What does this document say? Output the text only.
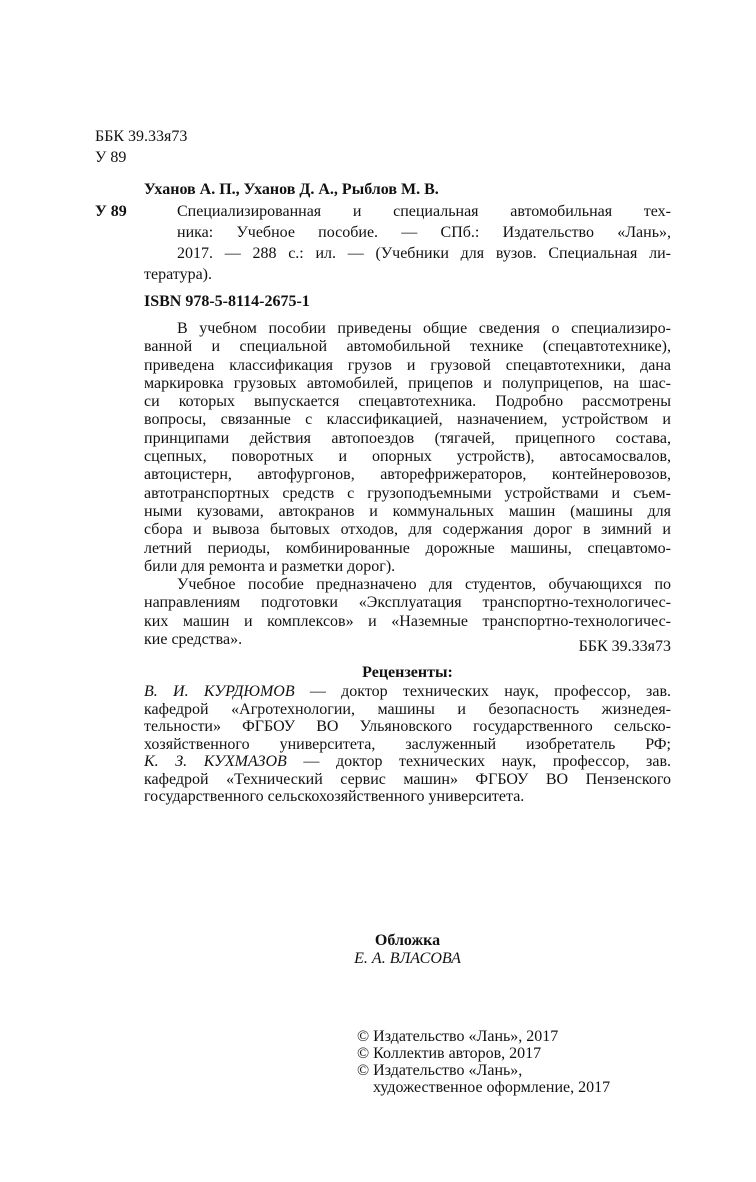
ББК 39.33я73
У 89
Уханов А. П., Уханов Д. А., Рыблов М. В.
У 89	Специализированная и специальная автомобильная тех-
ника: Учебное пособие. — СПб.: Издательство «Лань»,
2017. — 288 с.: ил. — (Учебники для вузов. Специальная ли-
тература).
ISBN 978-5-8114-2675-1
В учебном пособии приведены общие сведения о специализиро-
ванной и специальной автомобильной технике (спецавтотехнике),
приведена классификация грузов и грузовой спецавтотехники, дана
маркировка грузовых автомобилей, прицепов и полуприцепов, на шас-
си которых выпускается спецавтотехника. Подробно рассмотрены
вопросы, связанные с классификацией, назначением, устройством и
принципами действия автопоездов (тягачей, прицепного состава,
сцепных, поворотных и опорных устройств), автосамосвалов,
автоцистерн, автофургонов, авторефрижераторов, контейнеровозов,
автотранспортных средств с грузоподъемными устройствами и съем-
ными кузовами, автокранов и коммунальных машин (машины для
сбора и вывоза бытовых отходов, для содержания дорог в зимний и
летний периоды, комбинированные дорожные машины, спецавтомо-
били для ремонта и разметки дорог).
Учебное пособие предназначено для студентов, обучающихся по
направлениям подготовки «Эксплуатация транспортно-технологичес-
ких машин и комплексов» и «Наземные транспортно-технологичес-
кие средства».	ББК 39.33я73
Рецензенты:
В. И. КУРДЮМОВ — доктор технических наук, профессор, зав.
кафедрой «Агротехнологии, машины и безопасность жизнедея-
тельности» ФГБОУ ВО Ульяновского государственного сельско-
хозяйственного университета, заслуженный изобретатель РФ;
К. З. КУХМАЗОВ — доктор технических наук, профессор, зав.
кафедрой «Технический сервис машин» ФГБОУ ВО Пензенского
государственного сельскохозяйственного университета.
Обложка
Е. А. ВЛАСОВА
© Издательство «Лань», 2017
© Коллектив авторов, 2017
© Издательство «Лань»,
художественное оформление, 2017
